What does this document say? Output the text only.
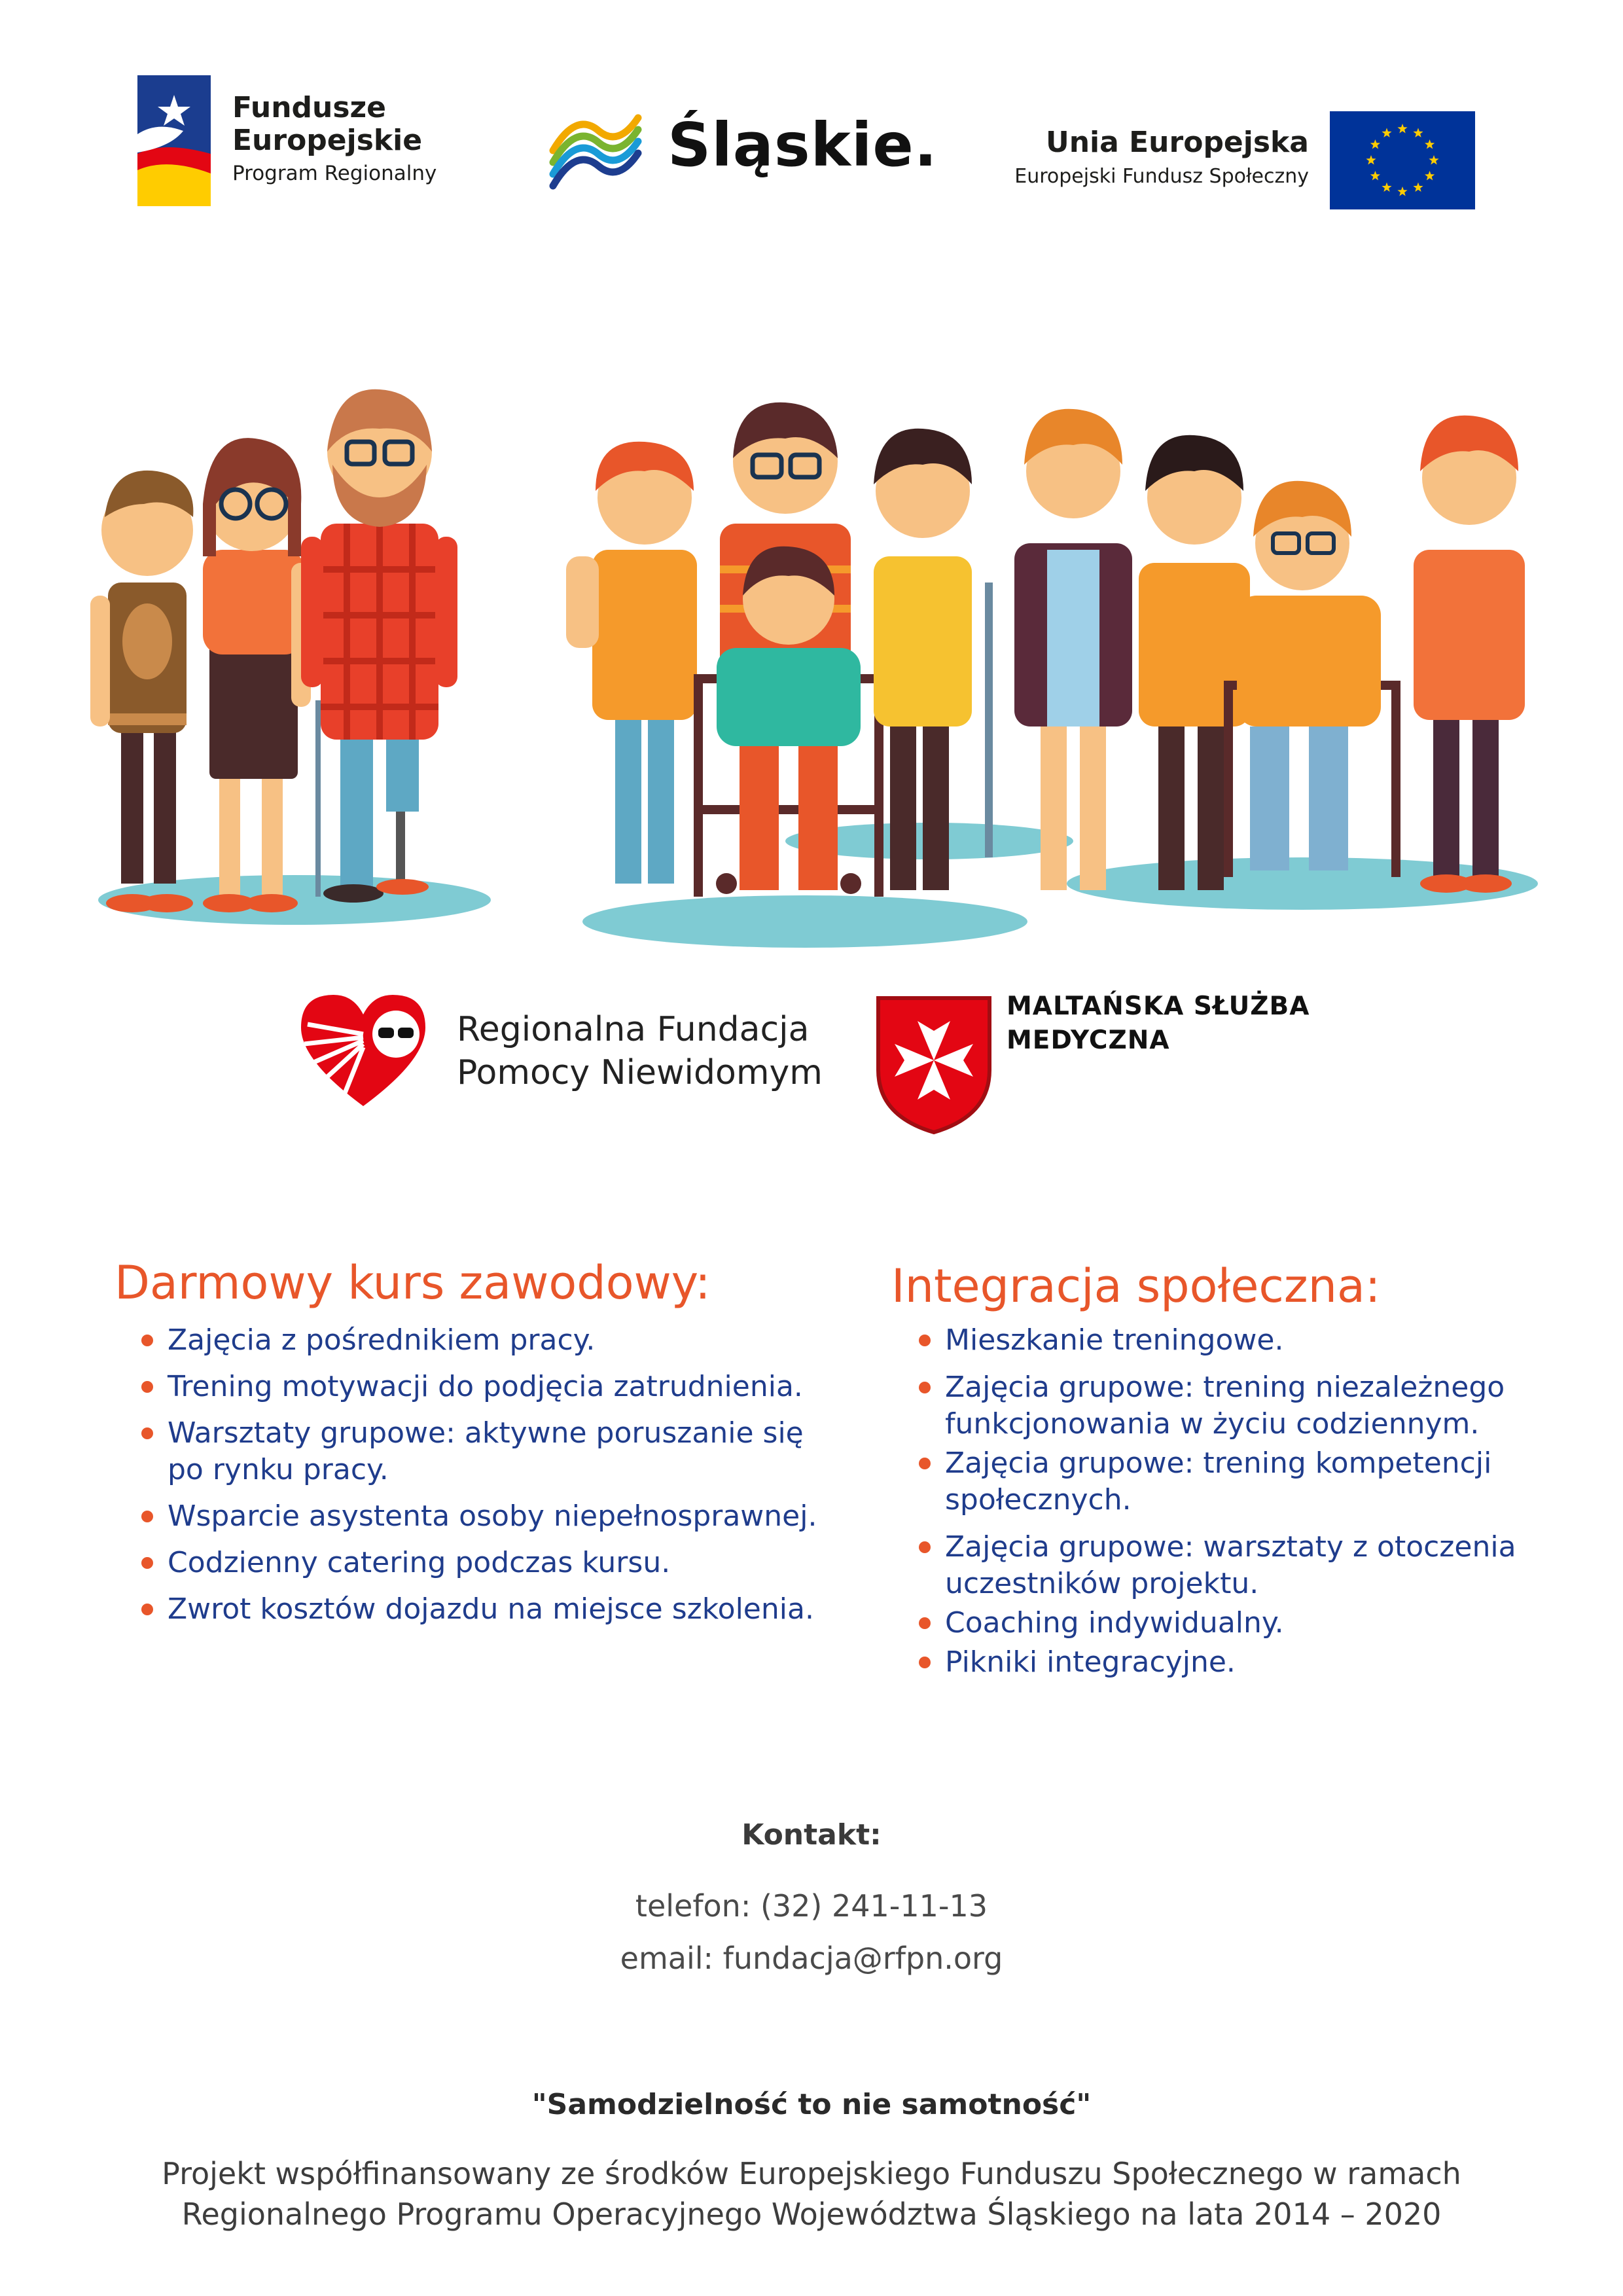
Fundusze
Europejskie
Program Regionalny	Śląskie.	Unia Europejska
Europejski Fundusz Społeczny
Regionalna Fundacja
Pomocy Niewidomym
MALTAŃSKA SŁUŻBA
MEDYCZNA
Darmowy kurs zawodowy:
Zajęcia z pośrednikiem pracy.
Trening motywacji do podjęcia zatrudnienia.
Warsztaty grupowe: aktywne poruszanie się
po rynku pracy.
Wsparcie asystenta osoby niepełnosprawnej.
Codzienny catering podczas kursu.
Zwrot kosztów dojazdu na miejsce szkolenia.
Integracja społeczna:
Mieszkanie treningowe.
Zajęcia grupowe: trening niezależnego
funkcjonowania w życiu codziennym.
Zajęcia grupowe: trening kompetencji
społecznych.
Zajęcia grupowe: warsztaty z otoczenia
uczestników projektu.
Coaching indywidualny.
Pikniki integracyjne.
Kontakt:
telefon: (32) 241-11-13
email: fundacja@rfpn.org
"Samodzielność to nie samotność"
Projekt współfinansowany ze środków Europejskiego Funduszu Społecznego w ramach
Regionalnego Programu Operacyjnego Województwa Śląskiego na lata 2014 – 2020
